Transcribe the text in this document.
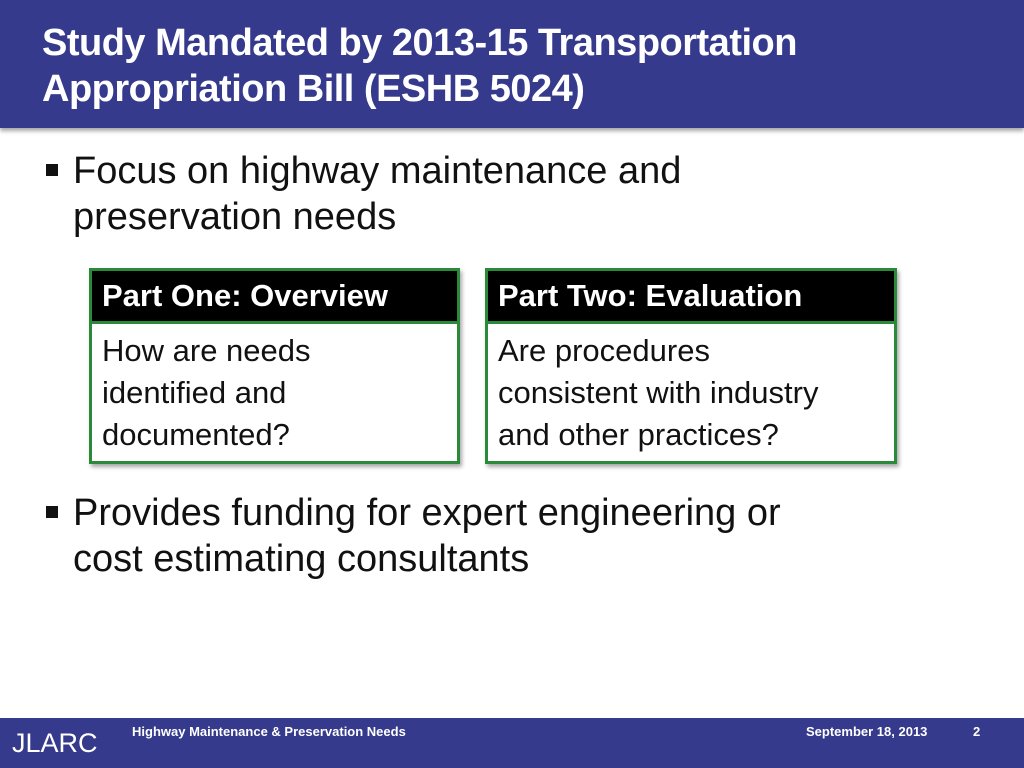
Study Mandated by 2013-15 Transportation
Appropriation Bill (ESHB 5024)
Focus on highway maintenance and
preservation needs
Part One: Overview
How are needs
identified and
documented?
Part Two: Evaluation
Are procedures
consistent with industry
and other practices?
Provides funding for expert engineering or
cost estimating consultants
JLARC	Highway Maintenance & Preservation Needs	September 18, 2013	2
